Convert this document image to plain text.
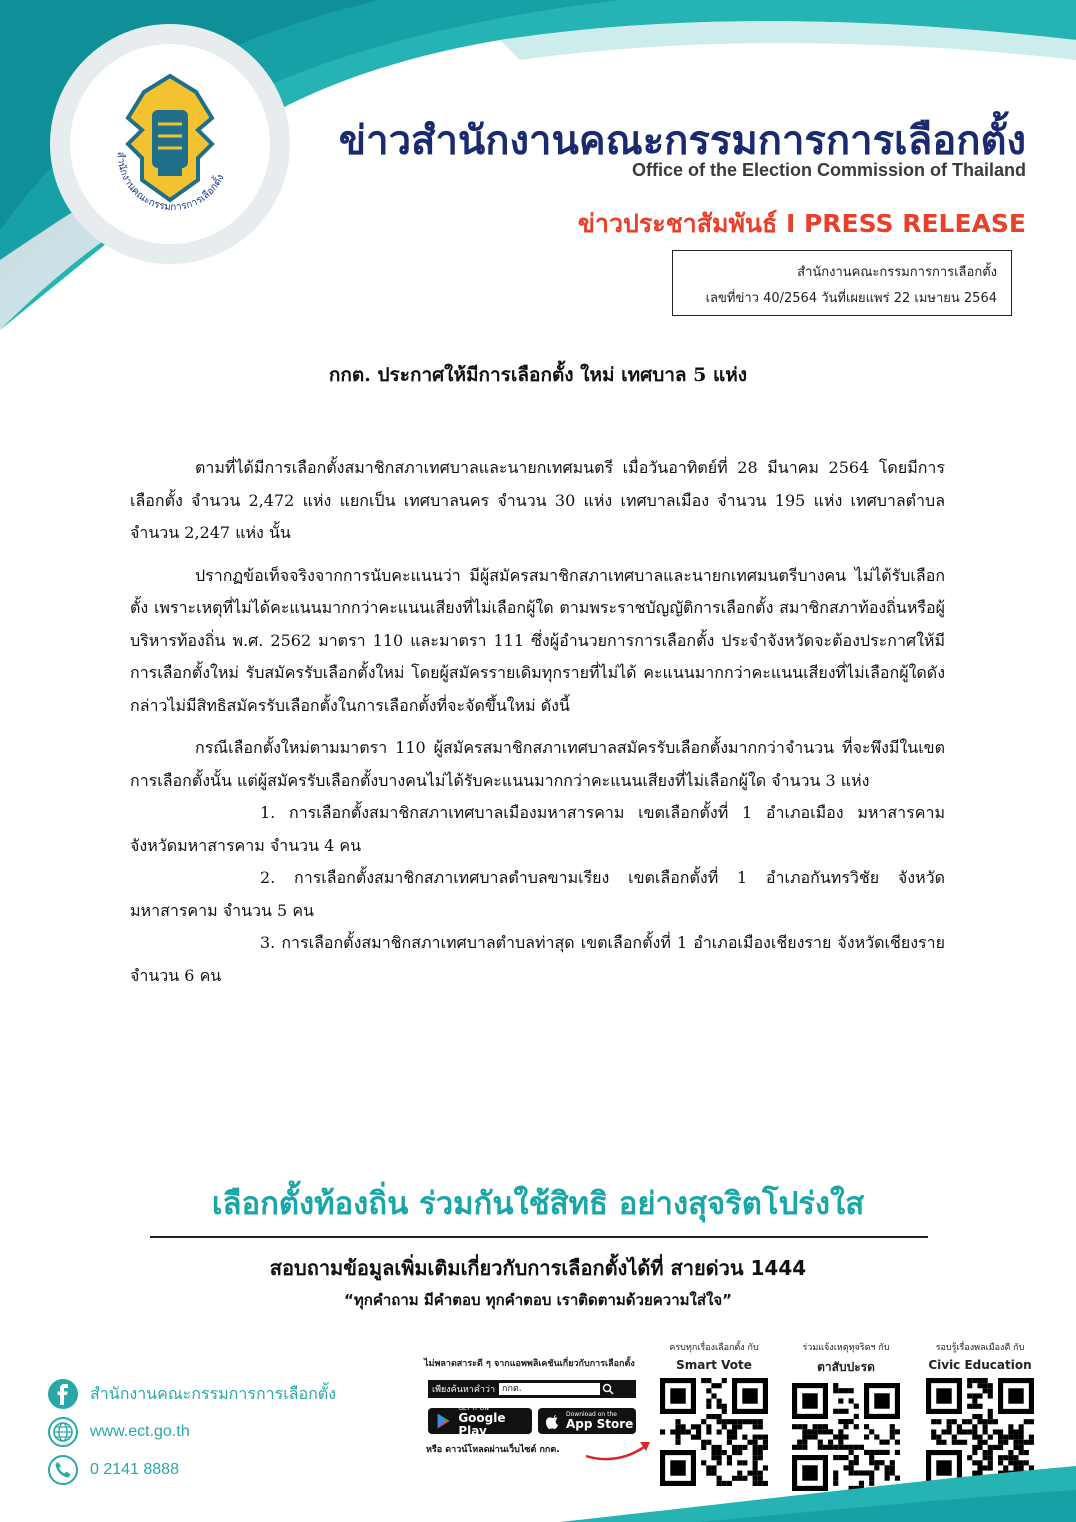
สำนักงานคณะกรรมการการเลือกตั้ง
ข่าวสำนักงานคณะกรรมการการเลือกตั้ง
Office of the Election Commission of Thailand
ข่าวประชาสัมพันธ์ I PRESS RELEASE
สำนักงานคณะกรรมการการเลือกตั้ง
เลขที่ข่าว 40/2564 วันที่เผยแพร่ 22 เมษายน 2564
กกต. ประกาศให้มีการเลือกตั้ง ใหม่ เทศบาล 5 แห่ง

ตามที่ได้มีการเลือกตั้งสมาชิกสภาเทศบาลและนายกเทศมนตรี เมื่อวันอาทิตย์ที่ 28 มีนาคม 2564 โดยมีการเลือกตั้ง จำนวน 2,472 แห่ง แยกเป็น เทศบาลนคร จำนวน 30 แห่ง เทศบาลเมือง จำนวน 195 แห่ง เทศบาลตำบล จำนวน 2,247 แห่ง นั้น

ปรากฏข้อเท็จจริงจากการนับคะแนนว่า มีผู้สมัครสมาชิกสภาเทศบาลและนายกเทศมนตรีบางคน ไม่ได้รับเลือกตั้ง เพราะเหตุที่ไม่ได้คะแนนมากกว่าคะแนนเสียงที่ไม่เลือกผู้ใด ตามพระราชบัญญัติการเลือกตั้ง สมาชิกสภาท้องถิ่นหรือผู้บริหารท้องถิ่น พ.ศ. 2562 มาตรา 110 และมาตรา 111 ซึ่งผู้อำนวยการการเลือกตั้ง ประจำจังหวัดจะต้องประกาศให้มีการเลือกตั้งใหม่ รับสมัครรับเลือกตั้งใหม่ โดยผู้สมัครรายเดิมทุกรายที่ไม่ได้ คะแนนมากกว่าคะแนนเสียงที่ไม่เลือกผู้ใดดังกล่าวไม่มีสิทธิสมัครรับเลือกตั้งในการเลือกตั้งที่จะจัดขึ้นใหม่ ดังนี้

กรณีเลือกตั้งใหม่ตามมาตรา 110 ผู้สมัครสมาชิกสภาเทศบาลสมัครรับเลือกตั้งมากกว่าจำนวน ที่จะพึงมีในเขตการเลือกตั้งนั้น แต่ผู้สมัครรับเลือกตั้งบางคนไม่ได้รับคะแนนมากกว่าคะแนนเสียงที่ไม่เลือกผู้ใด จำนวน 3 แห่ง

1. การเลือกตั้งสมาชิกสภาเทศบาลเมืองมหาสารคาม เขตเลือกตั้งที่ 1 อำเภอเมือง มหาสารคาม จังหวัดมหาสารคาม จำนวน 4 คน

2. การเลือกตั้งสมาชิกสภาเทศบาลตำบลขามเรียง เขตเลือกตั้งที่ 1 อำเภอกันทรวิชัย จังหวัดมหาสารคาม จำนวน 5 คน

3. การเลือกตั้งสมาชิกสภาเทศบาลตำบลท่าสุด เขตเลือกตั้งที่ 1 อำเภอเมืองเชียงราย จังหวัดเชียงราย จำนวน 6 คน

เลือกตั้งท้องถิ่น ร่วมกันใช้สิทธิ อย่างสุจริตโปร่งใส
สอบถามข้อมูลเพิ่มเติมเกี่ยวกับการเลือกตั้งได้ที่ สายด่วน 1444
“ทุกคำถาม มีคำตอบ ทุกคำตอบ เราติดตามด้วยความใส่ใจ”
สำนักงานคณะกรรมการการเลือกตั้ง
www.ect.go.th
0 2141 8888
ไม่พลาดสาระดี ๆ จากแอพพลิเคชันเกี่ยวกับการเลือกตั้ง
เพียงค้นหาคำว่า กกต.
GET IT ON
Google Play
Download on the
App Store
หรือ ดาวน์โหลดผ่านเว็บไซต์ กกต.
ครบทุกเรื่องเลือกตั้ง กับ
Smart Vote
ร่วมแจ้งเหตุทุจริตฯ กับ
ตาสับปะรด
รอบรู้เรื่องพลเมืองดี กับ
Civic Education
